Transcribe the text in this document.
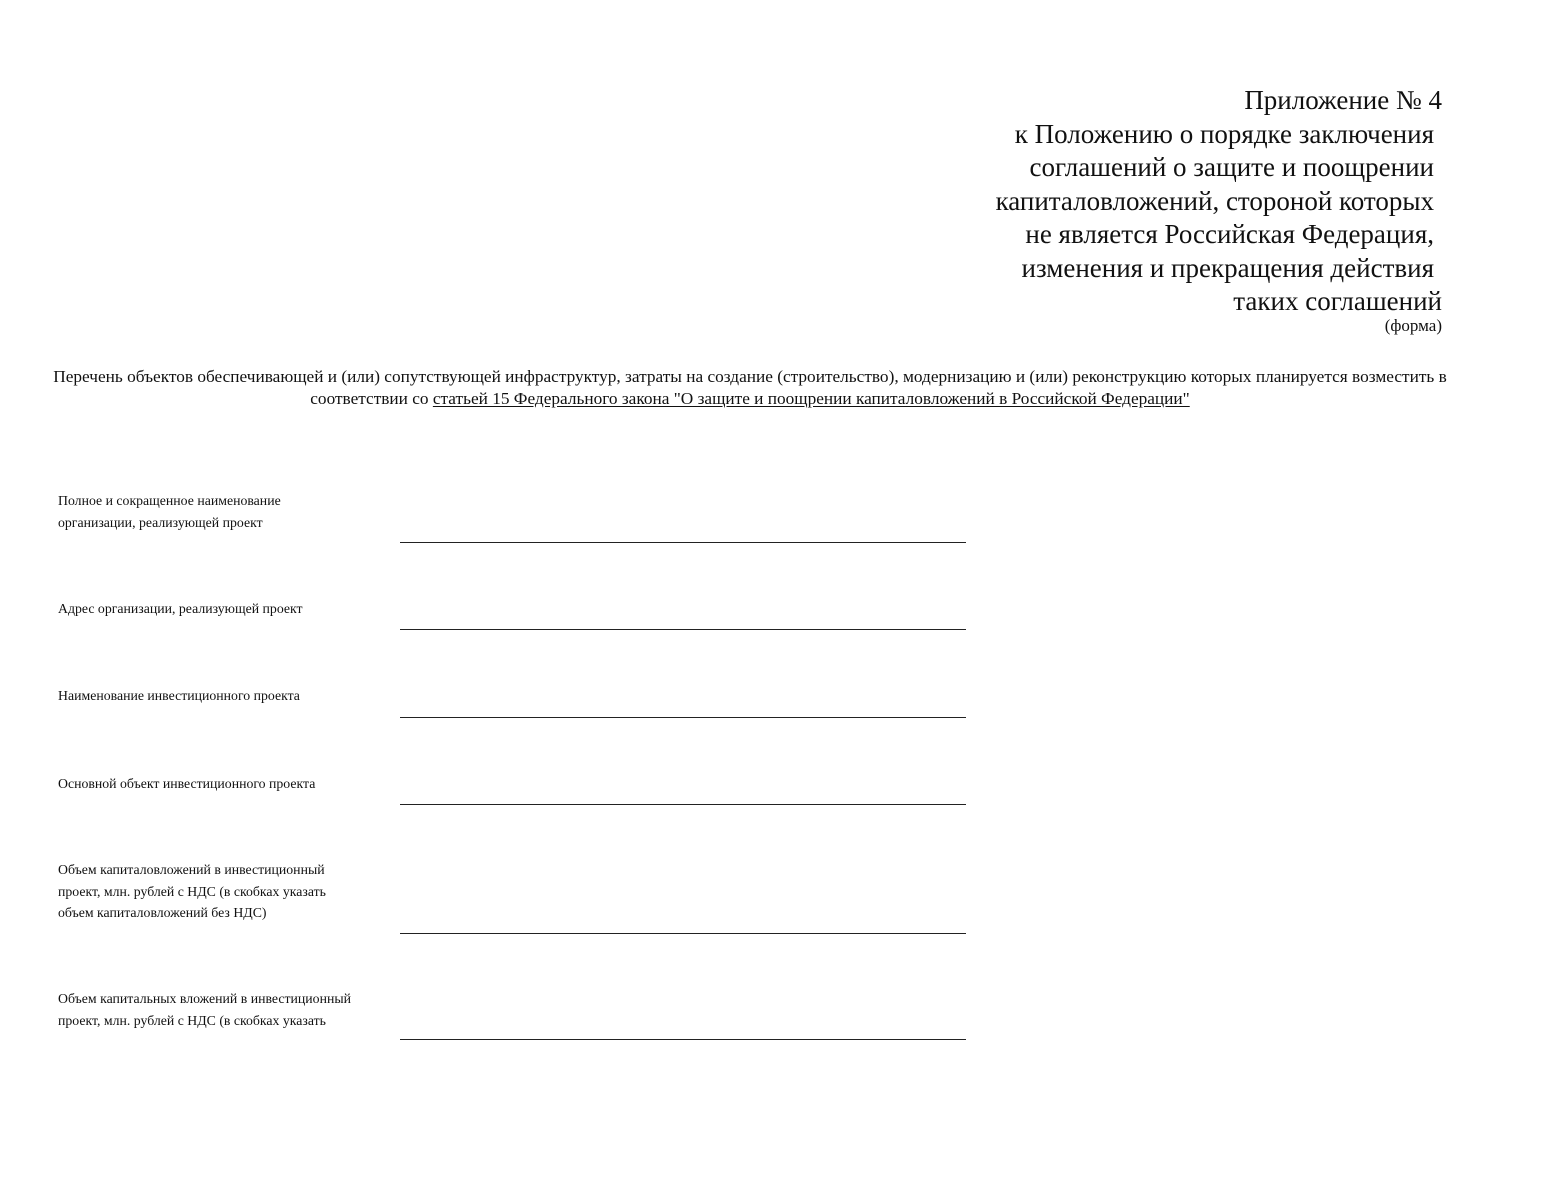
Приложение № 4
к Положению о порядке заключения
соглашений о защите и поощрении
капиталовложений, стороной которых
не является Российская Федерация,
изменения и прекращения действия
таких соглашений
(форма)
Перечень объектов обеспечивающей и (или) сопутствующей инфраструктур, затраты на создание (строительство), модернизацию и (или) реконструкцию которых планируется возместить в соответствии со статьей 15 Федерального закона "О защите и поощрении капиталовложений в Российской Федерации"
Полное и сокращенное наименование
организации, реализующей проект
Адрес организации, реализующей проект
Наименование инвестиционного проекта
Основной объект инвестиционного проекта
Объем капиталовложений в инвестиционный
проект, млн. рублей с НДС (в скобках указать
объем капиталовложений без НДС)
Объем капитальных вложений в инвестиционный
проект, млн. рублей с НДС (в скобках указать
